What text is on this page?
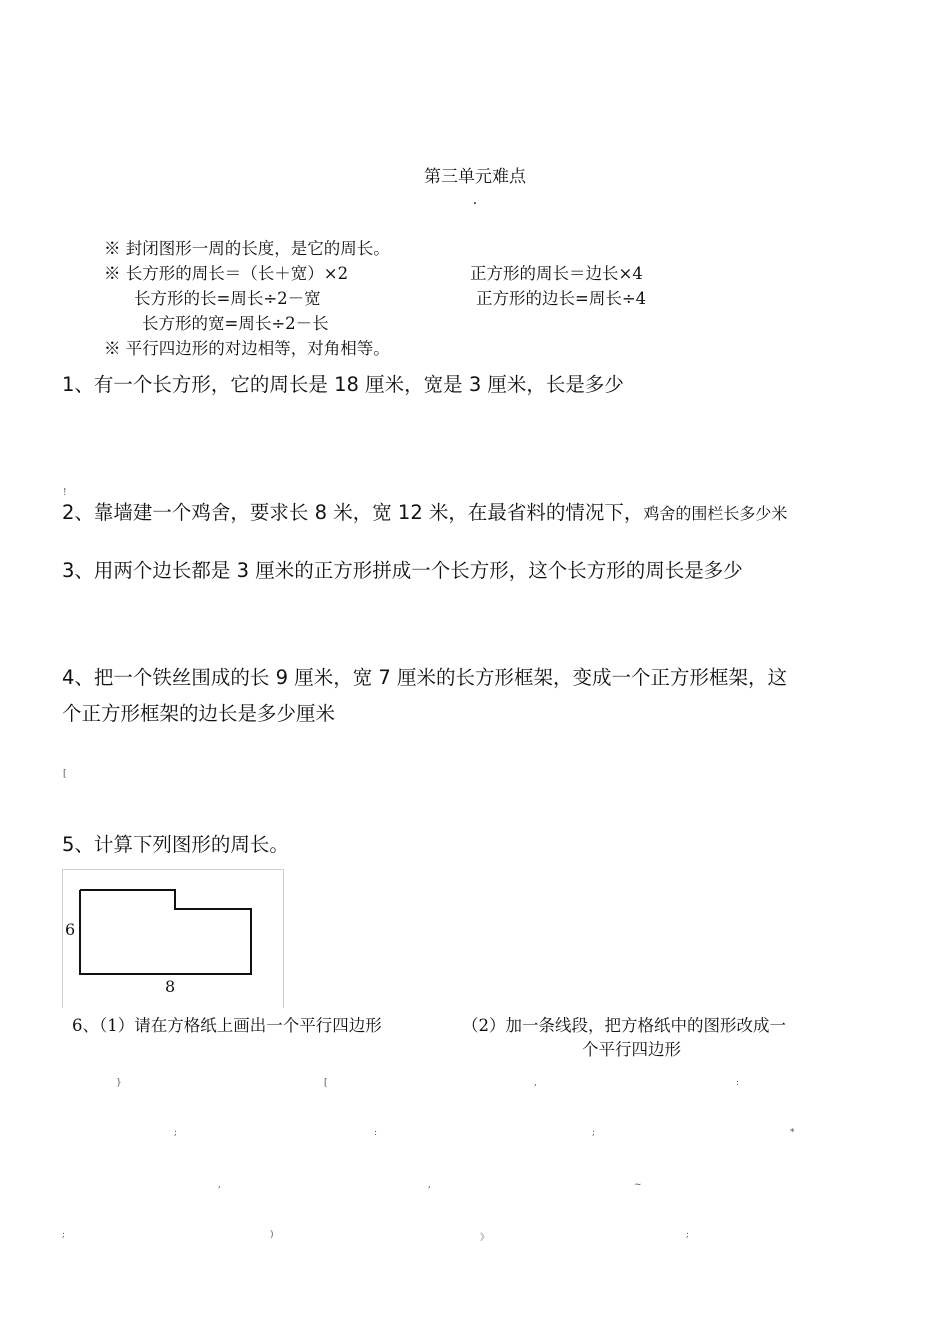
第三单元难点
.
※ 封闭图形一周的长度，是它的周长。
※ 长方形的周长＝（长＋宽）×2	正方形的周长＝边长×4
长方形的长=周长÷2－宽	正方形的边长=周长÷4
长方形的宽=周长÷2－长
※ 平行四边形的对边相等，对角相等。
1、有一个长方形，它的周长是 18 厘米，宽是 3 厘米，长是多少
!
2、靠墙建一个鸡舍，要求长 8 米，宽 12 米，在最省料的情况下，鸡舍的围栏长多少米
3、用两个边长都是 3 厘米的正方形拼成一个长方形，这个长方形的周长是多少
4、把一个铁丝围成的长 9 厘米，宽 7 厘米的长方形框架，变成一个正方形框架，这
个正方形框架的边长是多少厘米
[
5、计算下列图形的周长。
6
8
6、（1）请在方格纸上画出一个平行四边形	（2）加一条线段，把方格纸中的图形改成一
个平行四边形
}	[	,	:
;	:	;	*
,	,	~
;	)	》	;
